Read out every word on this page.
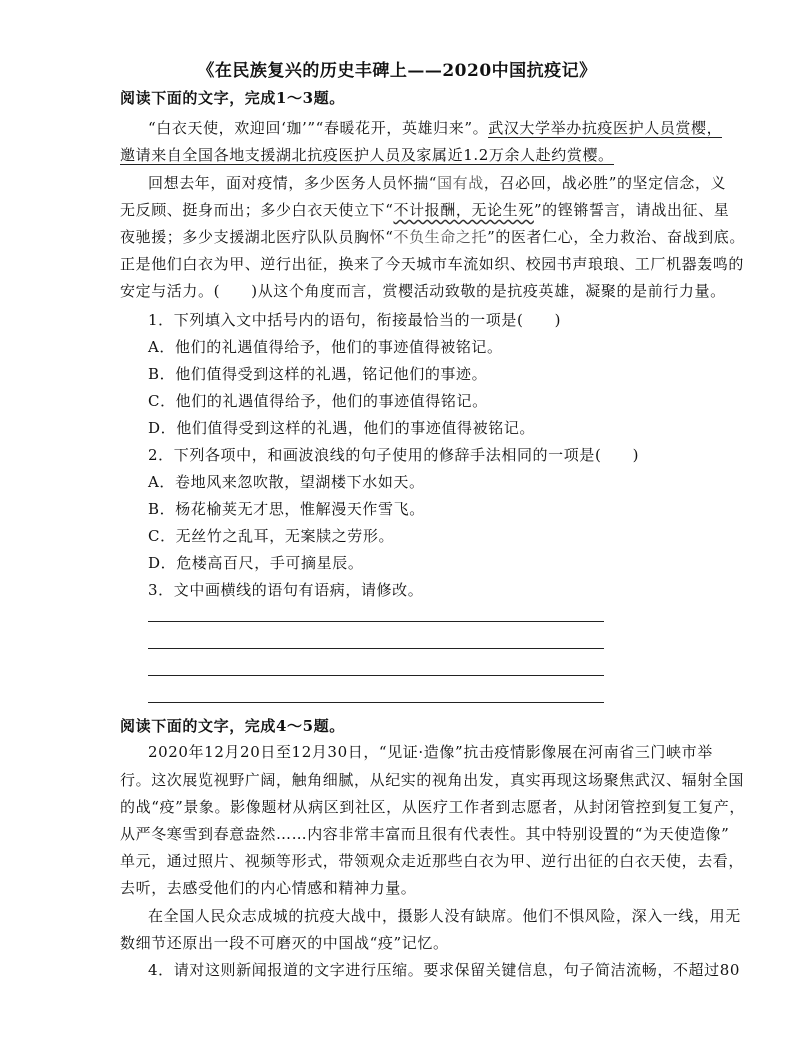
《在民族复兴的历史丰碑上——2020中国抗疫记》
阅读下面的文字，完成1～3题。
“白衣天使，欢迎回‘珈’”“春暖花开，英雄归来”。武汉大学举办抗疫医护人员赏樱，
邀请来自全国各地支援湖北抗疫医护人员及家属近1.2万余人赴约赏樱。
回想去年，面对疫情，多少医务人员怀揣“国有战，召必回，战必胜”的坚定信念，义
无反顾、挺身而出；多少白衣天使立下“不计报酬，无论生死”的铿锵誓言，请战出征、星
夜驰援；多少支援湖北医疗队队员胸怀“不负生命之托”的医者仁心，全力救治、奋战到底。
正是他们白衣为甲、逆行出征，换来了今天城市车流如织、校园书声琅琅、工厂机器轰鸣的
安定与活力。(　　)从这个角度而言，赏樱活动致敬的是抗疫英雄，凝聚的是前行力量。
1．下列填入文中括号内的语句，衔接最恰当的一项是(　　)
A．他们的礼遇值得给予，他们的事迹值得被铭记。
B．他们值得受到这样的礼遇，铭记他们的事迹。
C．他们的礼遇值得给予，他们的事迹值得铭记。
D．他们值得受到这样的礼遇，他们的事迹值得被铭记。
2．下列各项中，和画波浪线的句子使用的修辞手法相同的一项是(　　)
A．卷地风来忽吹散，望湖楼下水如天。
B．杨花榆荚无才思，惟解漫天作雪飞。
C．无丝竹之乱耳，无案牍之劳形。
D．危楼高百尺，手可摘星辰。
3．文中画横线的语句有语病，请修改。
阅读下面的文字，完成4～5题。
2020年12月20日至12月30日，“见证·造像”抗击疫情影像展在河南省三门峡市举
行。这次展览视野广阔，触角细腻，从纪实的视角出发，真实再现这场聚焦武汉、辐射全国
的战“疫”景象。影像题材从病区到社区，从医疗工作者到志愿者，从封闭管控到复工复产，
从严冬寒雪到春意盎然……内容非常丰富而且很有代表性。其中特别设置的“为天使造像”
单元，通过照片、视频等形式，带领观众走近那些白衣为甲、逆行出征的白衣天使，去看，
去听，去感受他们的内心情感和精神力量。
在全国人民众志成城的抗疫大战中，摄影人没有缺席。他们不惧风险，深入一线，用无
数细节还原出一段不可磨灭的中国战“疫”记忆。
4．请对这则新闻报道的文字进行压缩。要求保留关键信息，句子简洁流畅，不超过80
